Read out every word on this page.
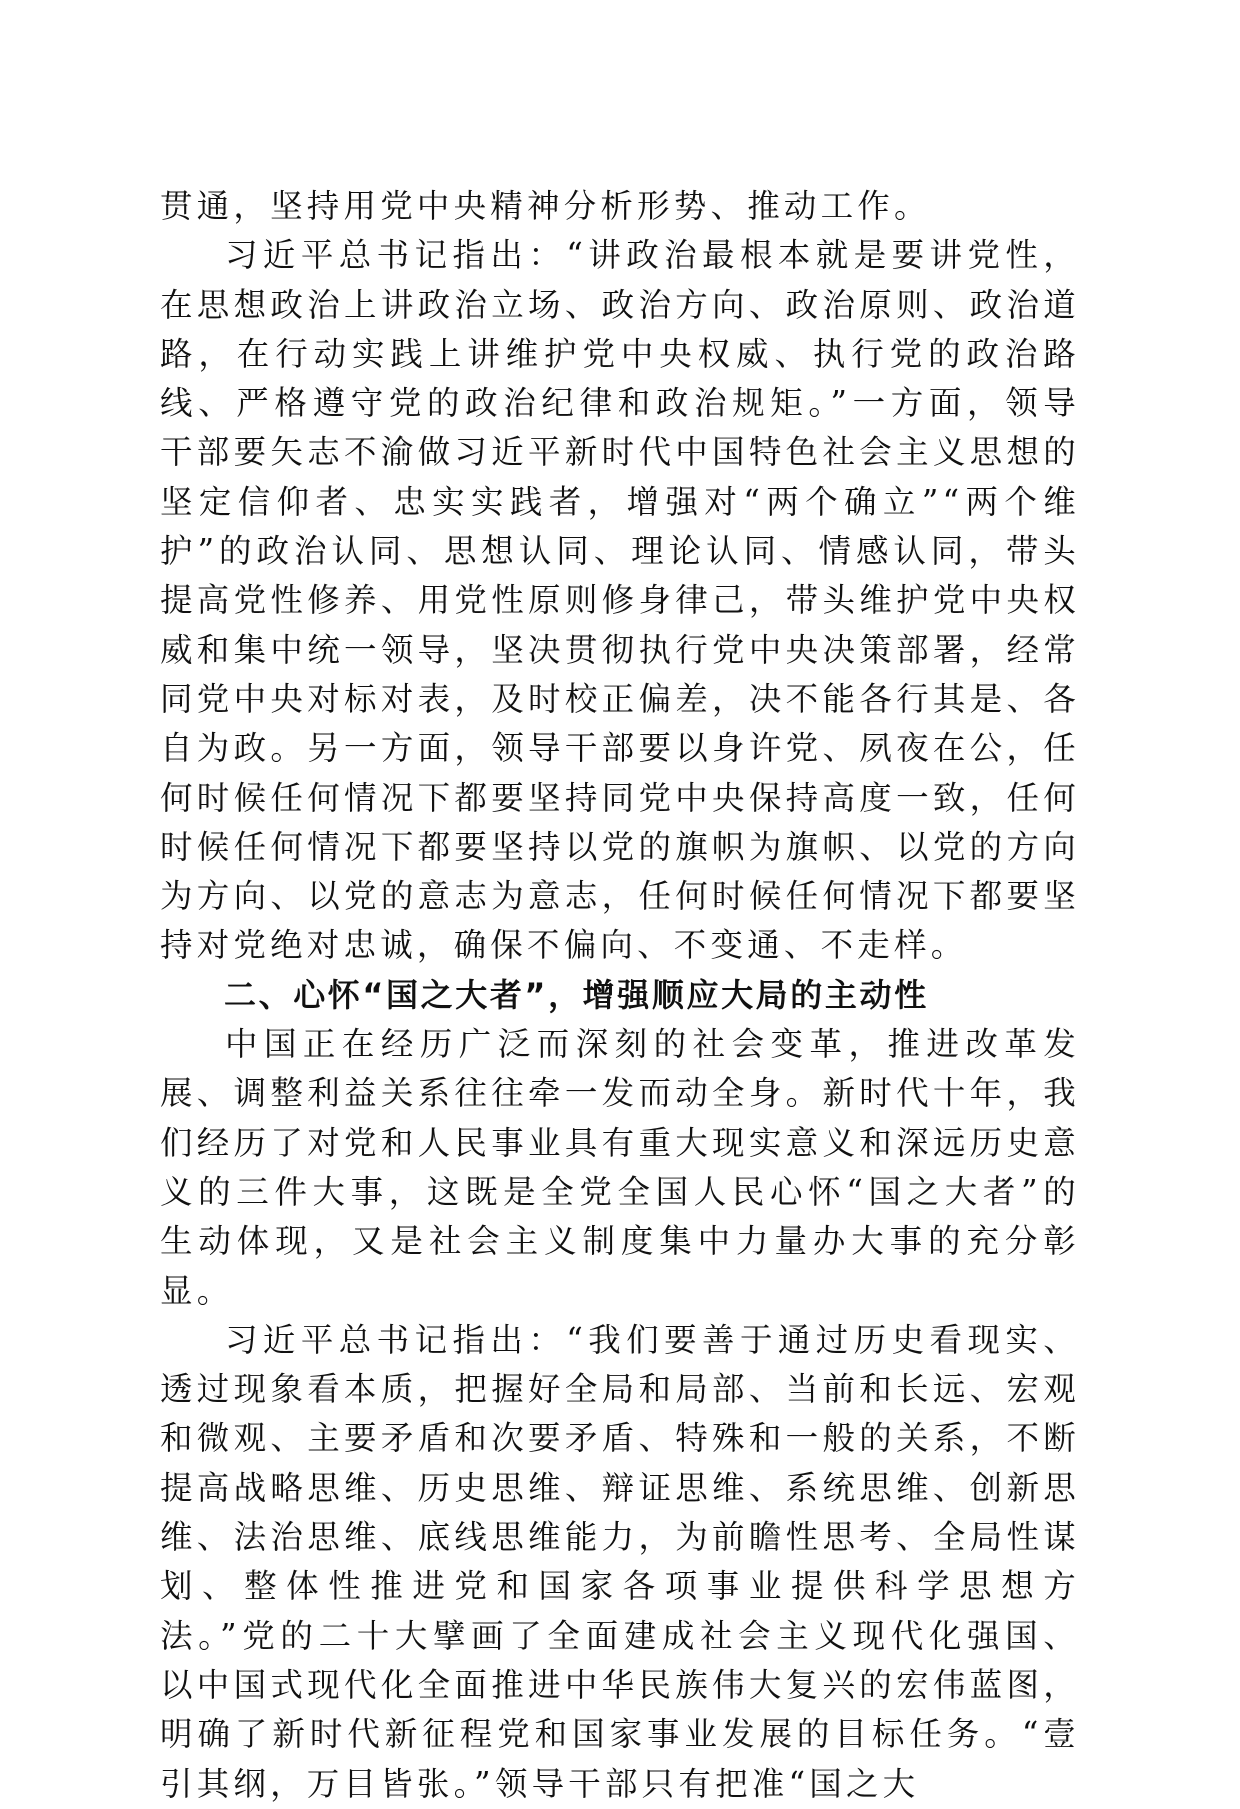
贯通，坚持用党中央精神分析形势、推动工作。

习近平总书记指出：“讲政治最根本就是要讲党性，在思想政治上讲政治立场、政治方向、政治原则、政治道路，在行动实践上讲维护党中央权威、执行党的政治路线、严格遵守党的政治纪律和政治规矩。”一方面，领导干部要矢志不渝做习近平新时代中国特色社会主义思想的坚定信仰者、忠实实践者，增强对“两个确立”“两个维护”的政治认同、思想认同、理论认同、情感认同，带头提高党性修养、用党性原则修身律己，带头维护党中央权威和集中统一领导，坚决贯彻执行党中央决策部署，经常同党中央对标对表，及时校正偏差，决不能各行其是、各自为政。另一方面，领导干部要以身许党、夙夜在公，任何时候任何情况下都要坚持同党中央保持高度一致，任何时候任何情况下都要坚持以党的旗帜为旗帜、以党的方向为方向、以党的意志为意志，任何时候任何情况下都要坚持对党绝对忠诚，确保不偏向、不变通、不走样。

二、心怀“国之大者”，增强顺应大局的主动性

中国正在经历广泛而深刻的社会变革，推进改革发展、调整利益关系往往牵一发而动全身。新时代十年，我们经历了对党和人民事业具有重大现实意义和深远历史意义的三件大事，这既是全党全国人民心怀“国之大者”的生动体现，又是社会主义制度集中力量办大事的充分彰显。

习近平总书记指出：“我们要善于通过历史看现实、透过现象看本质，把握好全局和局部、当前和长远、宏观和微观、主要矛盾和次要矛盾、特殊和一般的关系，不断提高战略思维、历史思维、辩证思维、系统思维、创新思维、法治思维、底线思维能力，为前瞻性思考、全局性谋划、整体性推进党和国家各项事业提供科学思想方法。”党的二十大擘画了全面建成社会主义现代化强国、以中国式现代化全面推进中华民族伟大复兴的宏伟蓝图，明确了新时代新征程党和国家事业发展的目标任务。“壹引其纲，万目皆张。”领导干部只有把准“国之大
